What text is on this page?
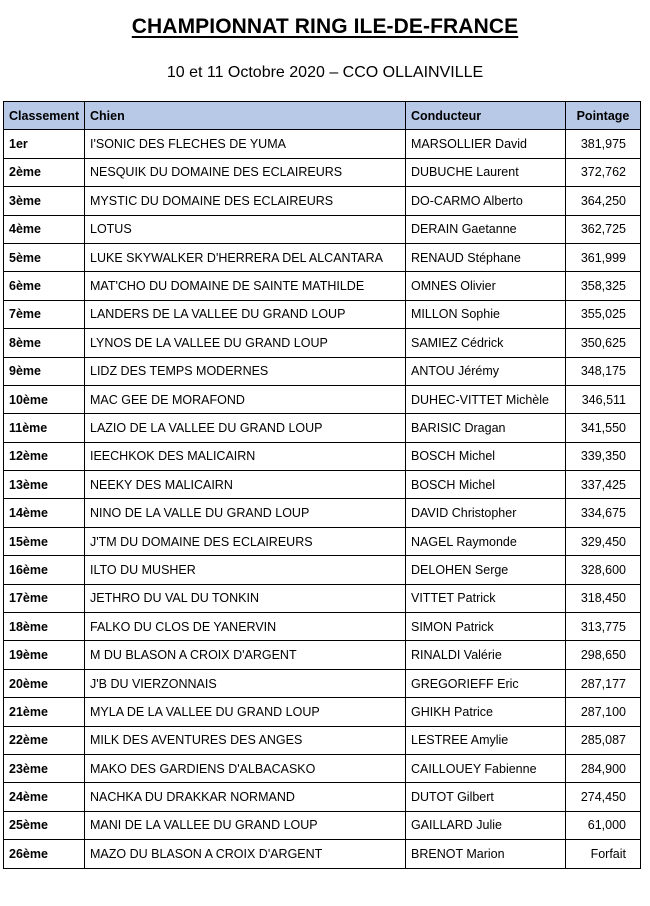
CHAMPIONNAT RING ILE-DE-FRANCE
10 et 11 Octobre 2020 – CCO OLLAINVILLE
Classement	Chien	Conducteur	Pointage
1er	I'SONIC DES FLECHES DE YUMA	MARSOLLIER David	381,975
2ème	NESQUIK DU DOMAINE DES ECLAIREURS	DUBUCHE Laurent	372,762
3ème	MYSTIC DU DOMAINE DES ECLAIREURS	DO-CARMO Alberto	364,250
4ème	LOTUS	DERAIN Gaetanne	362,725
5ème	LUKE SKYWALKER D'HERRERA DEL ALCANTARA	RENAUD Stéphane	361,999
6ème	MAT'CHO DU DOMAINE DE SAINTE MATHILDE	OMNES Olivier	358,325
7ème	LANDERS DE LA VALLEE DU GRAND LOUP	MILLON Sophie	355,025
8ème	LYNOS DE LA VALLEE DU GRAND LOUP	SAMIEZ Cédrick	350,625
9ème	LIDZ DES TEMPS MODERNES	ANTOU Jérémy	348,175
10ème	MAC GEE DE MORAFOND	DUHEC-VITTET Michèle	346,511
11ème	LAZIO DE LA VALLEE DU GRAND LOUP	BARISIC Dragan	341,550
12ème	IEECHKOK DES MALICAIRN	BOSCH Michel	339,350
13ème	NEEKY DES MALICAIRN	BOSCH Michel	337,425
14ème	NINO DE LA VALLE DU GRAND LOUP	DAVID Christopher	334,675
15ème	J'TM DU DOMAINE DES ECLAIREURS	NAGEL Raymonde	329,450
16ème	ILTO DU MUSHER	DELOHEN Serge	328,600
17ème	JETHRO DU VAL DU TONKIN	VITTET Patrick	318,450
18ème	FALKO DU CLOS DE YANERVIN	SIMON Patrick	313,775
19ème	M DU BLASON A CROIX D'ARGENT	RINALDI Valérie	298,650
20ème	J'B DU VIERZONNAIS	GREGORIEFF Eric	287,177
21ème	MYLA DE LA VALLEE DU GRAND LOUP	GHIKH Patrice	287,100
22ème	MILK DES AVENTURES DES ANGES	LESTREE Amylie	285,087
23ème	MAKO DES GARDIENS D'ALBACASKO	CAILLOUEY Fabienne	284,900
24ème	NACHKA DU DRAKKAR NORMAND	DUTOT Gilbert	274,450
25ème	MANI DE LA VALLEE DU GRAND LOUP	GAILLARD Julie	61,000
26ème	MAZO DU BLASON A CROIX D'ARGENT	BRENOT Marion	Forfait
